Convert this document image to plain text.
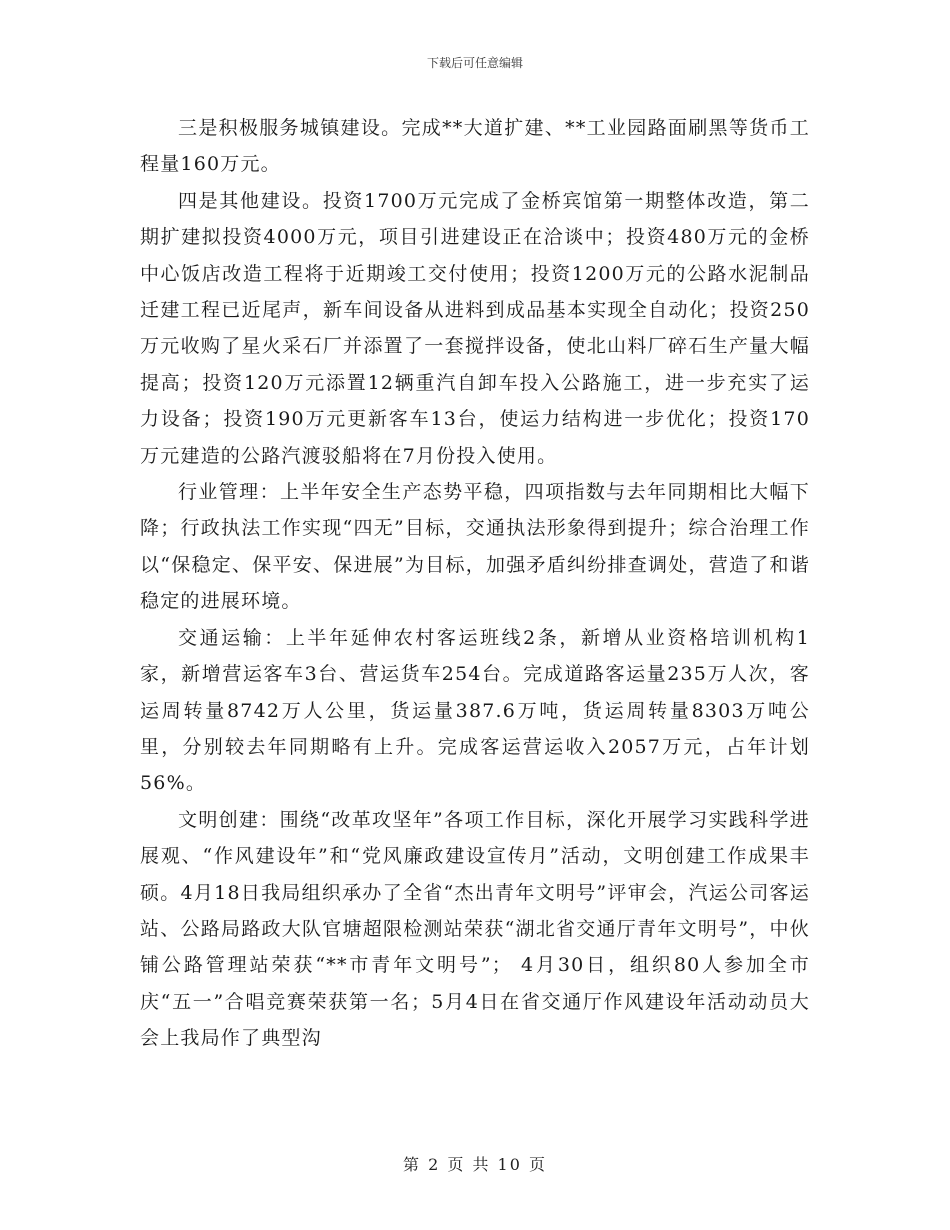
下载后可任意编辑

三是积极服务城镇建设。完成**大道扩建、**工业园路面刷黑等货币工程量160万元。

四是其他建设。投资1700万元完成了金桥宾馆第一期整体改造，第二期扩建拟投资4000万元，项目引进建设正在洽谈中；投资480万元的金桥中心饭店改造工程将于近期竣工交付使用；投资1200万元的公路水泥制品迁建工程已近尾声，新车间设备从进料到成品基本实现全自动化；投资250万元收购了星火采石厂并添置了一套搅拌设备，使北山料厂碎石生产量大幅提高；投资120万元添置12辆重汽自卸车投入公路施工，进一步充实了运力设备；投资190万元更新客车13台，使运力结构进一步优化；投资170万元建造的公路汽渡驳船将在7月份投入使用。

行业管理：上半年安全生产态势平稳，四项指数与去年同期相比大幅下降；行政执法工作实现“四无”目标，交通执法形象得到提升；综合治理工作以“保稳定、保平安、保进展”为目标，加强矛盾纠纷排查调处，营造了和谐稳定的进展环境。

交通运输：上半年延伸农村客运班线2条，新增从业资格培训机构1家，新增营运客车3台、营运货车254台。完成道路客运量235万人次，客运周转量8742万人公里，货运量387.6万吨，货运周转量8303万吨公里，分别较去年同期略有上升。完成客运营运收入2057万元，占年计划56%。

文明创建：围绕“改革攻坚年”各项工作目标，深化开展学习实践科学进展观、“作风建设年”和“党风廉政建设宣传月”活动，文明创建工作成果丰硕。4月18日我局组织承办了全省“杰出青年文明号”评审会，汽运公司客运站、公路局路政大队官塘超限检测站荣获“湖北省交通厅青年文明号”，中伙铺公路管理站荣获“**市青年文明号”； 4月30日，组织80人参加全市庆“五一”合唱竞赛荣获第一名；5月4日在省交通厅作风建设年活动动员大会上我局作了典型沟

第 2 页 共 10 页
